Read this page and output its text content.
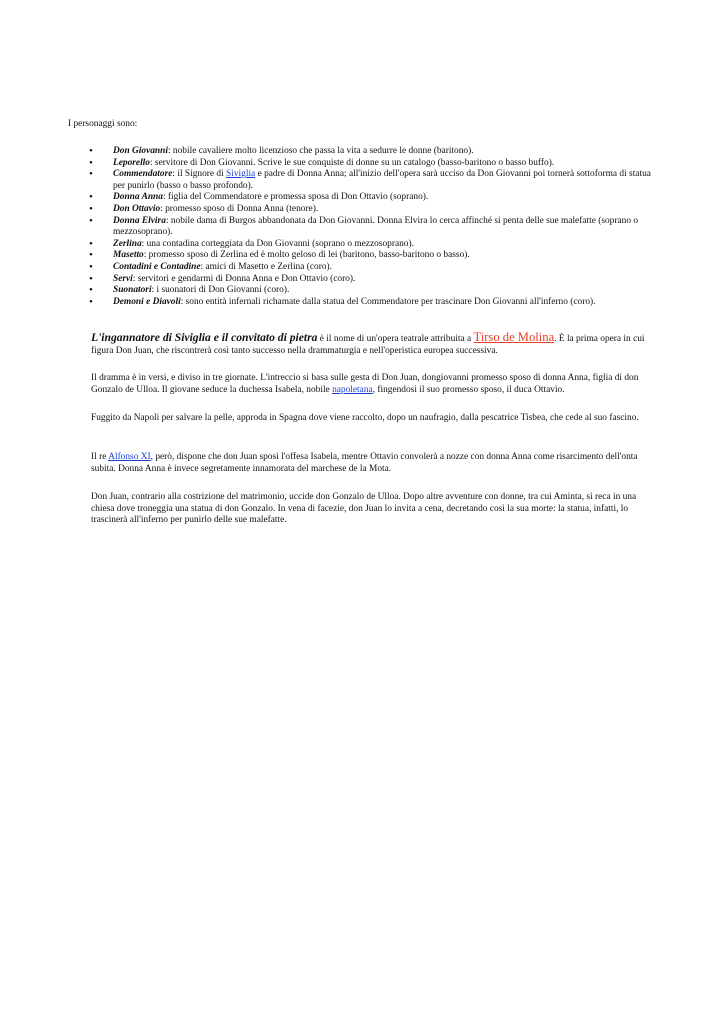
I personaggi sono:

• Don Giovanni: nobile cavaliere molto licenzioso che passa la vita a sedurre le donne (baritono).
• Leporello: servitore di Don Giovanni. Scrive le sue conquiste di donne su un catalogo (basso-baritono o basso buffo).
• Commendatore: il Signore di Siviglia e padre di Donna Anna; all'inizio dell'opera sarà ucciso da Don Giovanni poi tornerà sottoforma di statua per punirlo (basso o basso profondo).
• Donna Anna: figlia del Commendatore e promessa sposa di Don Ottavio (soprano).
• Don Ottavio: promesso sposo di Donna Anna (tenore).
• Donna Elvira: nobile dama di Burgos abbandonata da Don Giovanni. Donna Elvira lo cerca affinché si penta delle sue malefatte (soprano o mezzosoprano).
• Zerlina: una contadina corteggiata da Don Giovanni (soprano o mezzosoprano).
• Masetto: promesso sposo di Zerlina ed è molto geloso di lei (baritono, basso-baritono o basso).
• Contadini e Contadine: amici di Masetto e Zerlina (coro).
• Servi: servitori e gendarmi di Donna Anna e Don Ottavio (coro).
• Suonatori: i suonatori di Don Giovanni (coro).
• Demoni e Diavoli: sono entità infernali richamate dalla statua del Commendatore per trascinare Don Giovanni all'inferno (coro).

L'ingannatore di Siviglia e il convitato di pietra è il nome di un'opera teatrale attribuita a Tirso de Molina. È la prima opera in cui figura Don Juan, che riscontrerà così tanto successo nella drammaturgia e nell'operistica europea successiva.

Il dramma è in versi, e diviso in tre giornate. L'intreccio si basa sulle gesta di Don Juan, dongiovanni promesso sposo di donna Anna, figlia di don Gonzalo de Ulloa. Il giovane seduce la duchessa Isabela, nobile napoletana, fingendosi il suo promesso sposo, il duca Ottavio.

Fuggito da Napoli per salvare la pelle, approda in Spagna dove viene raccolto, dopo un naufragio, dalla pescatrice Tisbea, che cede al suo fascino.

Il re Alfonso XI, però, dispone che don Juan sposi l'offesa Isabela, mentre Ottavio convolerà a nozze con donna Anna come risarcimento dell'onta subita. Donna Anna è invece segretamente innamorata del marchese de la Mota.

Don Juan, contrario alla costrizione del matrimonio, uccide don Gonzalo de Ulloa. Dopo altre avventure con donne, tra cui Aminta, si reca in una chiesa dove troneggia una statua di don Gonzalo. In vena di facezie, don Juan lo invita a cena, decretando così la sua morte: la statua, infatti, lo trascinerà all'inferno per punirlo delle sue malefatte.
